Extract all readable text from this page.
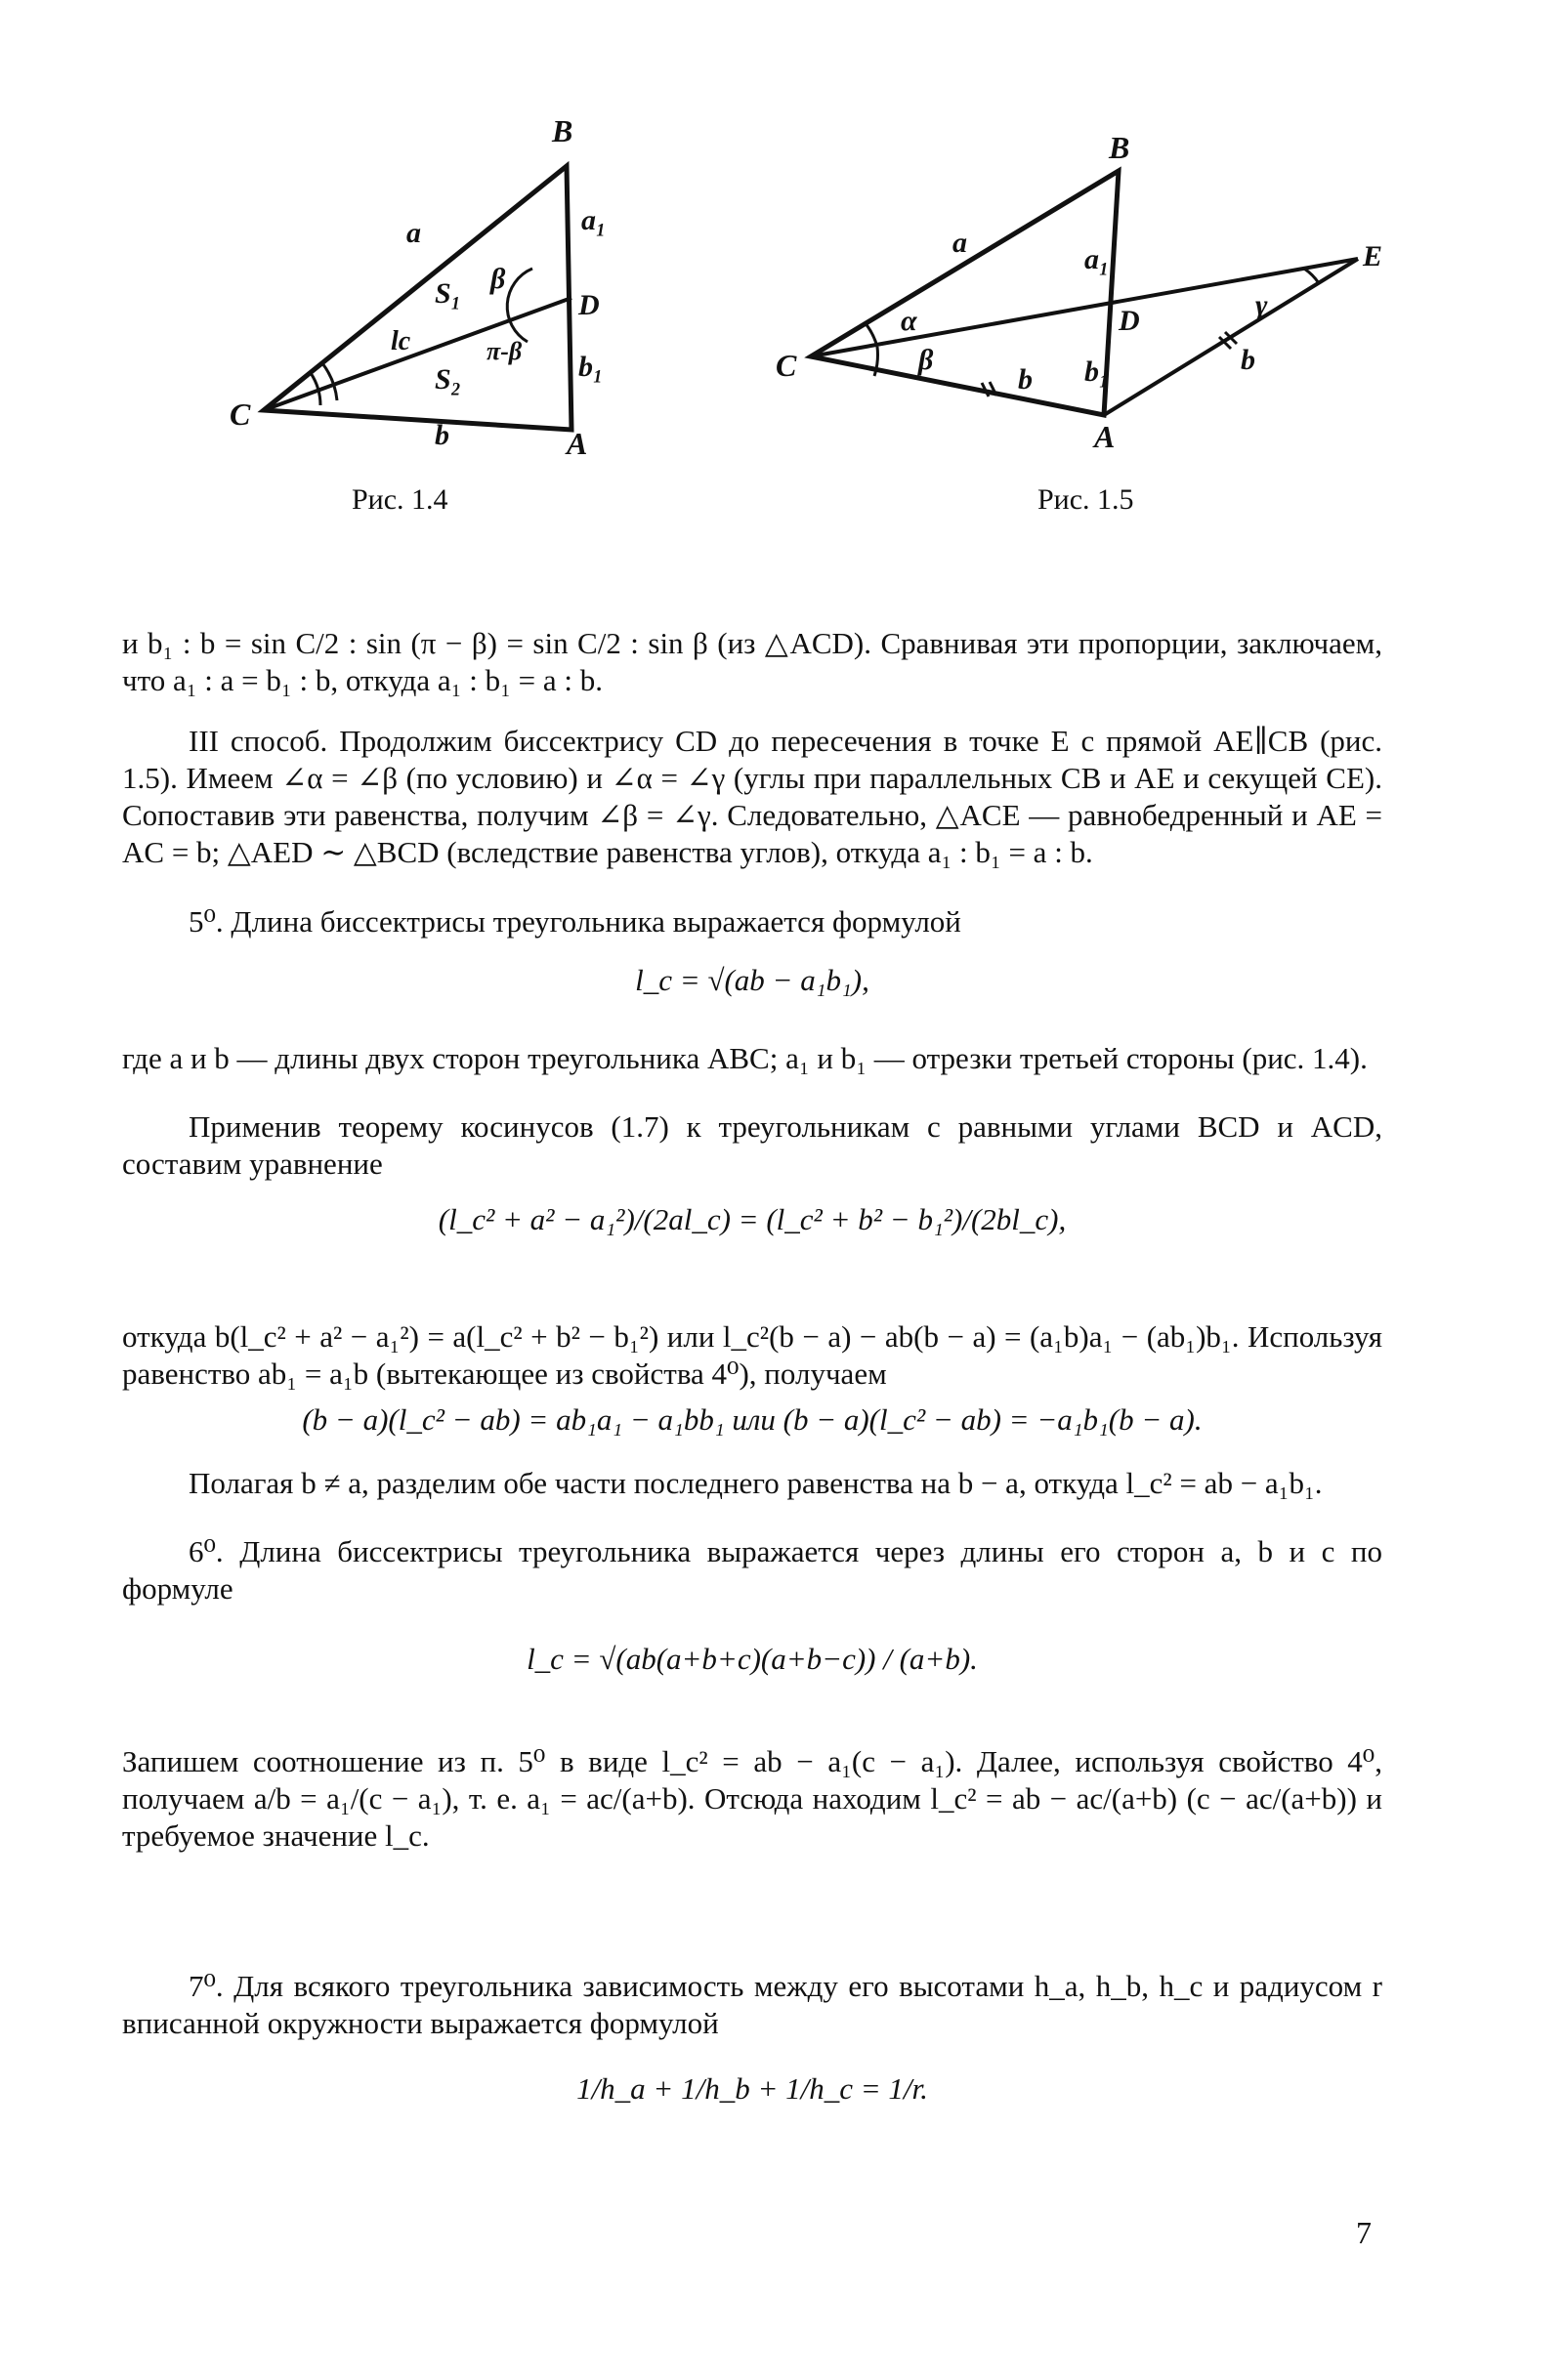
B
C
A
D
a	a₁
b
b₁
S₁
S₂
lc
β
π-β
Рис. 1.4
B
C
A
D
E
a
a₁
b
b
b₁
α
β
γ
Рис. 1.5
и b₁ : b = sin C/2 : sin (π − β) = sin C/2 : sin β (из △ACD). Сравнивая эти пропорции, заключаем, что a₁ : a = b₁ : b, откуда a₁ : b₁ = a : b.
III способ. Продолжим биссектрису CD до пересечения в точке E с прямой AE∥CB (рис. 1.5). Имеем ∠α = ∠β (по условию) и ∠α = ∠γ (углы при параллельных CB и AE и секущей CE). Сопоставив эти равенства, получим ∠β = ∠γ. Следовательно, △ACE — равнобедренный и AE = AC = b; △AED ∼ △BCD (вследствие равенства углов), откуда a₁ : b₁ = a : b.
5⁰. Длина биссектрисы треугольника выражается формулой
l_c = √(ab − a₁b₁),
где a и b — длины двух сторон треугольника ABC; a₁ и b₁ — отрезки третьей стороны (рис. 1.4).
Применив теорему косинусов (1.7) к треугольникам с равными углами BCD и ACD, составим уравнение
(l_c² + a² − a₁²)/(2al_c) = (l_c² + b² − b₁²)/(2bl_c),
откуда b(l_c² + a² − a₁²) = a(l_c² + b² − b₁²) или l_c²(b − a) − ab(b − a) = (a₁b)a₁ − (ab₁)b₁. Используя равенство ab₁ = a₁b (вытекающее из свойства 4⁰), получаем
(b − a)(l_c² − ab) = ab₁a₁ − a₁bb₁ или (b − a)(l_c² − ab) = −a₁b₁(b − a).
Полагая b ≠ a, разделим обе части последнего равенства на b − a, откуда l_c² = ab − a₁b₁.
6⁰. Длина биссектрисы треугольника выражается через длины его сторон a, b и c по формуле
l_c = √(ab(a+b+c)(a+b−c)) / (a+b).
Запишем соотношение из п. 5⁰ в виде l_c² = ab − a₁(c − a₁). Далее, используя свойство 4⁰, получаем a/b = a₁/(c − a₁), т. е. a₁ = ac/(a+b). Отсюда находим l_c² = ab − ac/(a+b) (c − ac/(a+b)) и требуемое значение l_c.
7⁰. Для всякого треугольника зависимость между его высотами h_a, h_b, h_c и радиусом r вписанной окружности выражается формулой
1/h_a + 1/h_b + 1/h_c = 1/r.
7
